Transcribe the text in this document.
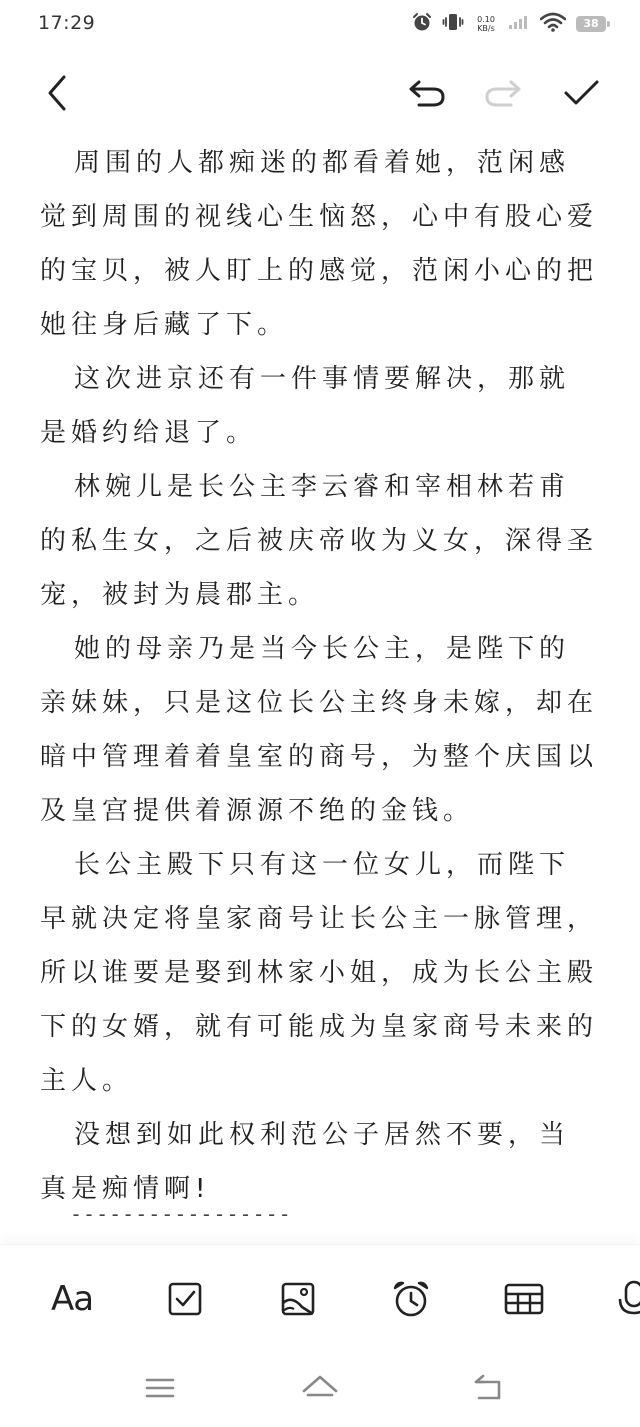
17:29	0.10
KB/s	38

周围的人都痴迷的都看着她，范闲感觉到周围的视线心生恼怒，心中有股心爱的宝贝，被人盯上的感觉，范闲小心的把她往身后藏了下。

这次进京还有一件事情要解决，那就是婚约给退了。

林婉儿是长公主李云睿和宰相林若甫的私生女，之后被庆帝收为义女，深得圣宠，被封为晨郡主。

她的母亲乃是当今长公主，是陛下的亲妹妹，只是这位长公主终身未嫁，却在暗中管理着着皇室的商号，为整个庆国以及皇宫提供着源源不绝的金钱。

长公主殿下只有这一位女儿，而陛下早就决定将皇家商号让长公主一脉管理，所以谁要是娶到林家小姐，成为长公主殿下的女婿，就有可能成为皇家商号未来的主人。

没想到如此权利范公子居然不要，当真是痴情啊!

-----------------
Aa
